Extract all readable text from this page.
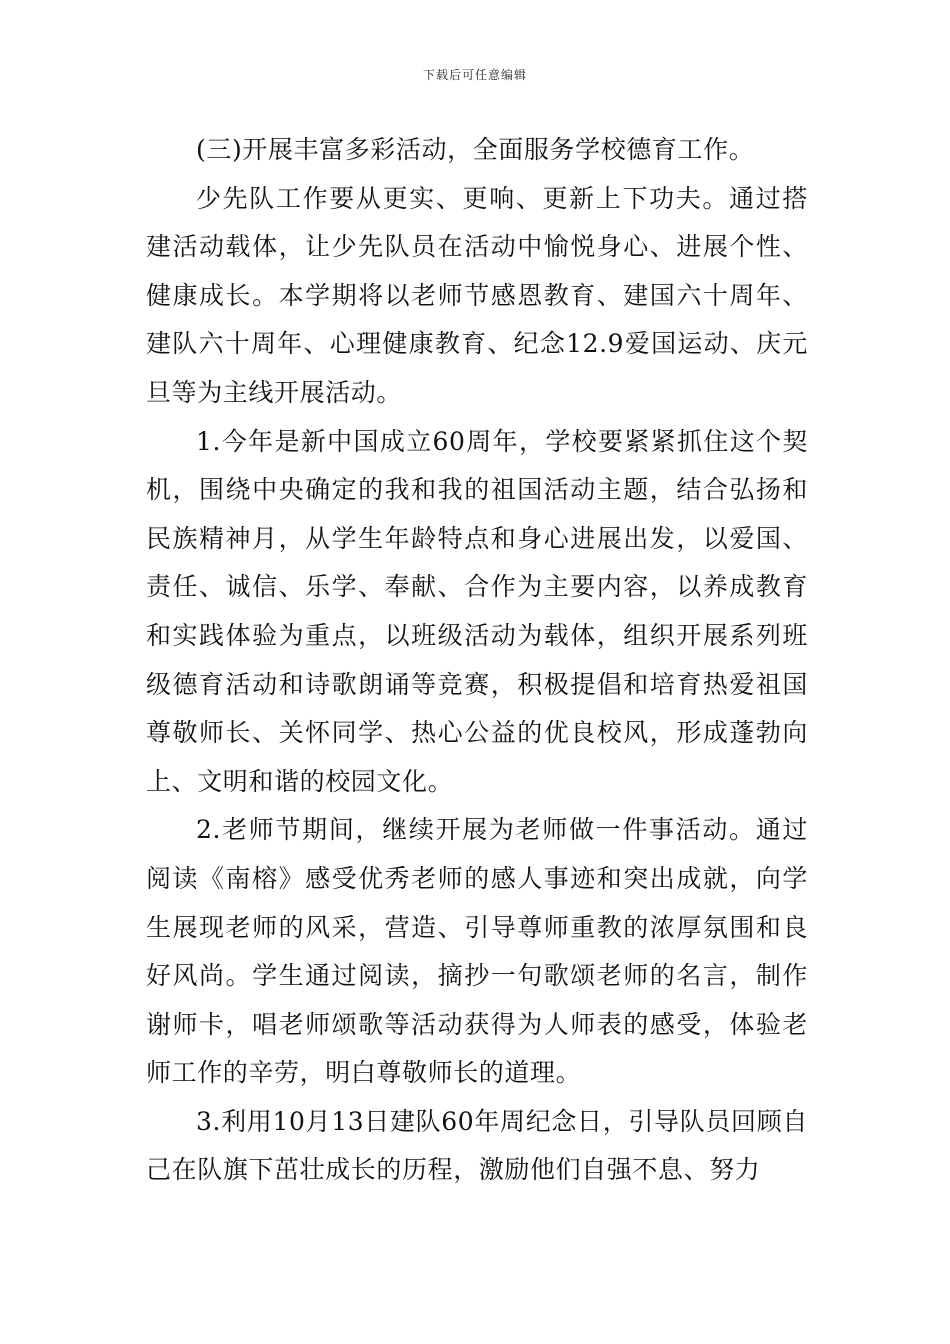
下载后可任意编辑

(三)开展丰富多彩活动，全面服务学校德育工作。

少先队工作要从更实、更响、更新上下功夫。通过搭建活动载体，让少先队员在活动中愉悦身心、进展个性、健康成长。本学期将以老师节感恩教育、建国六十周年、建队六十周年、心理健康教育、纪念12.9爱国运动、庆元旦等为主线开展活动。

1.今年是新中国成立60周年，学校要紧紧抓住这个契机，围绕中央确定的我和我的祖国活动主题，结合弘扬和民族精神月，从学生年龄特点和身心进展出发，以爱国、责任、诚信、乐学、奉献、合作为主要内容，以养成教育和实践体验为重点，以班级活动为载体，组织开展系列班级德育活动和诗歌朗诵等竞赛，积极提倡和培育热爱祖国尊敬师长、关怀同学、热心公益的优良校风，形成蓬勃向上、文明和谐的校园文化。

2.老师节期间，继续开展为老师做一件事活动。通过阅读《南榕》感受优秀老师的感人事迹和突出成就，向学生展现老师的风采，营造、引导尊师重教的浓厚氛围和良好风尚。学生通过阅读，摘抄一句歌颂老师的名言，制作谢师卡，唱老师颂歌等活动获得为人师表的感受，体验老师工作的辛劳，明白尊敬师长的道理。

3.利用10月13日建队60年周纪念日，引导队员回顾自己在队旗下茁壮成长的历程，激励他们自强不息、努力
